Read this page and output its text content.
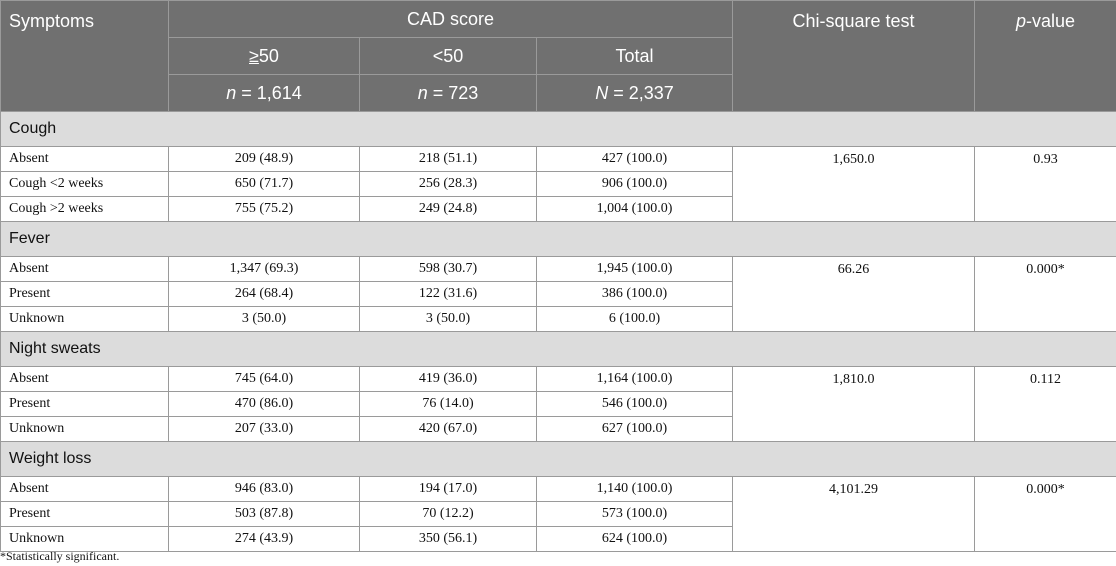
Symptoms	CAD score			Chi-square test	p-value
	≥50	<50	Total		
	n = 1,614	n = 723	N = 2,337		
Cough					
Absent	209 (48.9)	218 (51.1)	427 (100.0)	1,650.0	0.93
Cough <2 weeks	650 (71.7)	256 (28.3)	906 (100.0)		
Cough >2 weeks	755 (75.2)	249 (24.8)	1,004 (100.0)		
Fever					
Absent	1,347 (69.3)	598 (30.7)	1,945 (100.0)	66.26	0.000*
Present	264 (68.4)	122 (31.6)	386 (100.0)		
Unknown	3 (50.0)	3 (50.0)	6 (100.0)		
Night sweats					
Absent	745 (64.0)	419 (36.0)	1,164 (100.0)	1,810.0	0.112
Present	470 (86.0)	76 (14.0)	546 (100.0)		
Unknown	207 (33.0)	420 (67.0)	627 (100.0)		
Weight loss					
Absent	946 (83.0)	194 (17.0)	1,140 (100.0)	4,101.29	0.000*
Present	503 (87.8)	70 (12.2)	573 (100.0)		
Unknown	274 (43.9)	350 (56.1)	624 (100.0)		
*Statistically significant.
